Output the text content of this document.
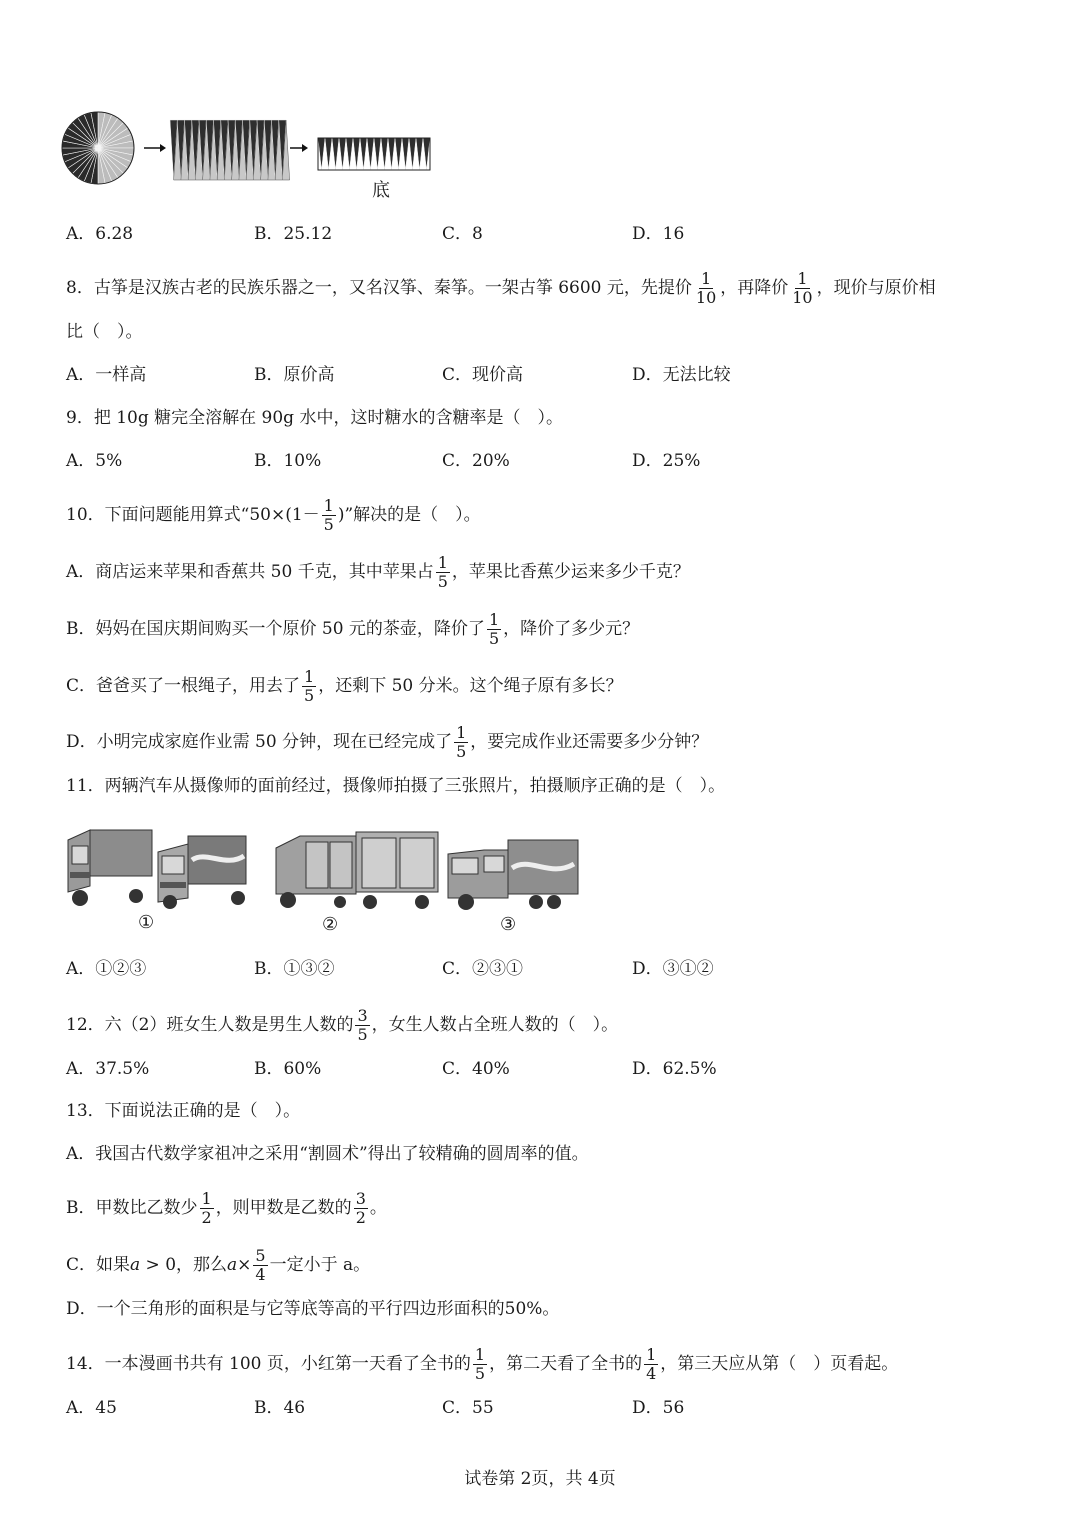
底
A．6.28	B．25.12	C．8	D．16
8．古筝是汉族古老的民族乐器之一，又名汉筝、秦筝。一架古筝 6600 元，先提价 $\frac{1}{10}$ ，再降价 $\frac{1}{10}$ ，现价与原价相
比（　）。
A．一样高	B．原价高	C．现价高	D．无法比较
9．把 10g 糖完全溶解在 90g 水中，这时糖水的含糖率是（　）。
A．5%	B．10%	C．20%	D．25%
10．下面问题能用算式“$50\times(1- \frac{1}{5}$ )”解决的是（　）。
A．商店运来苹果和香蕉共 50 千克，其中苹果占 $\frac{1}{5}$ ，苹果比香蕉少运来多少千克？
B．妈妈在国庆期间购买一个原价 50 元的茶壶，降价了 $\frac{1}{5}$ ，降价了多少元？
C．爸爸买了一根绳子，用去了 $\frac{1}{5}$ ，还剩下 50 分米。这个绳子原有多长？
D．小明完成家庭作业需 50 分钟，现在已经完成了 $\frac{1}{5}$ ，要完成作业还需要多少分钟？
11．两辆汽车从摄像师的面前经过，摄像师拍摄了三张照片，拍摄顺序正确的是（　）。
①	②	③
A．①②③	B．①③②	C．②③①	D．③①②
12．六（2）班女生人数是男生人数的 $\frac{3}{5}$ ，女生人数占全班人数的（　）。
A．37.5%	B．60%	C．40%	D．62.5%
13．下面说法正确的是（　）。
A．我国古代数学家祖冲之采用“割圆术”得出了较精确的圆周率的值。
B．甲数比乙数少 $\frac{1}{2}$ ，则甲数是乙数的 $\frac{3}{2}$ 。
C．如果a > 0，那么$a\times \frac{5}{4}$ 一定小于 a。
D．一个三角形的面积是与它等底等高的平行四边形面积的50%。
14．一本漫画书共有 100 页，小红第一天看了全书的 $\frac{1}{5}$ ，第二天看了全书的 $\frac{1}{4}$ ，第三天应从第（　）页看起。
A．45	B．46	C．55	D．56
试卷第 2页，共 4页
